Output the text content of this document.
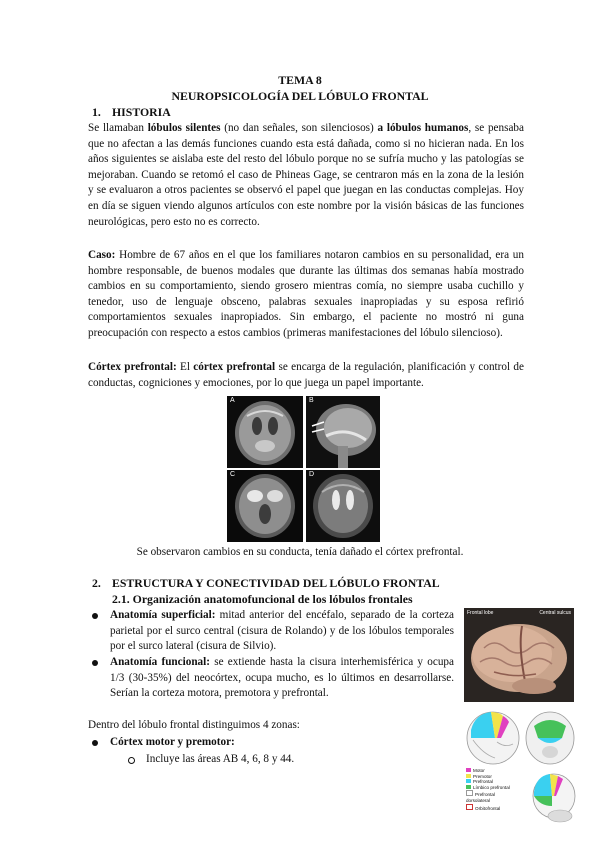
TEMA 8
NEUROPSICOLOGÍA DEL LÓBULO FRONTAL
1. HISTORIA
Se llamaban lóbulos silentes (no dan señales, son silenciosos) a lóbulos humanos, se pensaba que no afectan a las demás funciones cuando esta está dañada, como si no hicieran nada. En los años siguientes se aislaba este del resto del lóbulo porque no se sufría mucho y las patologías se mejoraban. Cuando se retomó el caso de Phineas Gage, se centraron más en la zona de la lesión y se evaluaron a otros pacientes se observó el papel que juegan en las conductas complejas. Hoy en día se siguen viendo algunos artículos con este nombre por la visión básicas de las funciones neurológicas, pero esto no es correcto.
Caso: Hombre de 67 años en el que los familiares notaron cambios en su personalidad, era un hombre responsable, de buenos modales que durante las últimas dos semanas había mostrado cambios en su comportamiento, siendo grosero mientras comía, no siempre usaba cuchillo y tenedor, uso de lenguaje obsceno, palabras sexuales inapropiadas y su esposa refirió comportamientos sexuales inapropiados. Sin embargo, el paciente no mostró ni guna preocupación con respecto a estos cambios (primeras manifestaciones del lóbulo silencioso).
Córtex prefrontal: El córtex prefrontal se encarga de la regulación, planificación y control de conductas, cogniciones y emociones, por lo que juega un papel importante.
A	B
C	D
Se observaron cambios en su conducta, tenía dañado el córtex prefrontal.
2. ESTRUCTURA Y CONECTIVIDAD DEL LÓBULO FRONTAL
2.1. Organización anatomofuncional de los lóbulos frontales
Anatomía superficial: mitad anterior del encéfalo, separado de la corteza parietal por el surco central (cisura de Rolando) y de los lóbulos temporales por el surco lateral (cisura de Silvio).
Anatomía funcional: se extiende hasta la cisura interhemisférica y ocupa 1/3 (30-35%) del neocórtex, ocupa mucho, es lo últimos en desarrollarse. Serían la corteza motora, premotora y prefrontal.
Dentro del lóbulo frontal distinguimos 4 zonas:
Córtex motor y premotor:
Incluye las áreas AB 4, 6, 8 y 44.
Frontal lobe	Central sulcus
Motor
Premotor
Prefrontal
Límbico prefrontal
Prefrontal dorsolateral
Orbitofrontal
